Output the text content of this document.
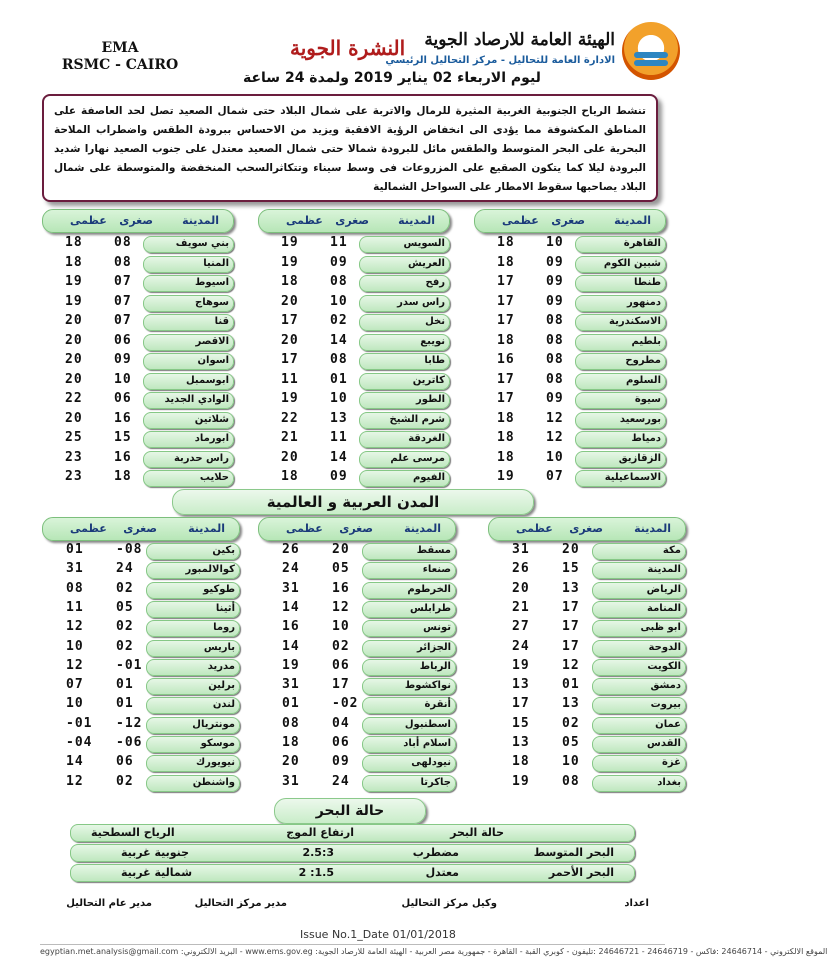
الهيئة العامة للارصاد الجوية
الادارة العامة للتحاليل - مركز التحاليل الرئيسي
النشرة الجوية
ليوم الاربعاء 02 يناير 2019 ولمدة 24 ساعة
EMA
RSMC - CAIRO

تنشط الرياح الجنوبية الغربية المثيرة للرمال والاتربة على شمال البلاد حتى شمال الصعيد تصل لحد العاصفة على المناطق المكشوفة مما يؤدى الى انخفاض الرؤية الافقية ويزيد من الاحساس ببرودة الطقس واضطراب الملاحة البحرية على البحر المتوسط والطقس مائل للبرودة شمالا حتى شمال الصعيد معتدل على جنوب الصعيد نهارا شديد البرودة ليلا كما يتكون الصقيع على المزروعات فى وسط سيناء وتتكاثرالسحب المنخفضة والمتوسطة على شمال البلاد يصاحبها سقوط الامطار على السواحل الشمالية

المدينة
صغرى
عظمى
القاهرة
10
18
شبين الكوم
09
18
طنطا
09
17
دمنهور
09
17
الاسكندرية
08
17
بلطيم
08
18
مطروح
08
16
السلوم
08
17
سيوة
09
17
بورسعيد
12
18
دمياط
12
18
الزقازيق
10
18
الاسماعيلية
07
19
المدينة
صغرى
عظمى
السويس
11
19
العريش
09
19
رفح
08
18
راس سدر
10
20
نخل
02
17
نويبع
14
20
طابا
08
17
كاترين
01
11
الطور
10
19
شرم الشيخ
13
22
الغردقة
11
21
مرسى علم
14
20
الفيوم
09
18
المدينة
صغرى
عظمى
بني سويف
08
18
المنيا
08
18
اسيوط
07
19
سوهاج
07
19
قنا
07
20
الاقصر
06
20
اسوان
09
20
ابوسمبل
10
20
الوادي الجديد
06
22
شلاتين
16
20
ابورماد
15
25
راس حدربة
16
23
حلايب
18
23
المدن العربية و العالمية
المدينة
صغرى
عظمى
مكة
20
31
المدينة
15
26
الرياض
13
20
المنامة
17
21
ابو ظبى
17
27
الدوحة
17
24
الكويت
12
19
دمشق
01
13
بيروت
13
17
عمان
02
15
القدس
05
13
غزة
10
18
بغداد
08
19
المدينة
صغرى
عظمى
مسقط
20
26
صنعاء
05
24
الخرطوم
16
31
طرابلس
12
14
تونس
10
16
الجزائر
02
14
الرباط
06
19
نواكشوط
17
31
أنقرة
-02
01
اسطنبول
04
08
اسلام أباد
06
18
نيودلهى
09
20
جاكرتا
24
31
المدينة
صغرى
عظمى
بكين
-08
01
كوالالمبور
24
31
طوكيو
02
08
أثينا
05
11
روما
02
12
باريس
02
10
مدريد
-01
12
برلين
01
07
لندن
01
10
مونتريال
-12
-01
موسكو
-06
-04
نيويورك
06
14
واشنطن
02
12
حالة البحر
حالة البحر
ارتفاع الموج
الرياح السطحية
البحر المتوسط
مضطرب
2.5:3
جنوبية غربية
البحر الأحمر
معتدل
1.5: 2
شمالية غربية
اعداد
وكيل مركز التحاليل
مدير مركز التحاليل
مدير عام التحاليل
Issue No.1_Date 01/01/2018
egyptian.met.analysis@gmail.com :البريد الالكتروني - www.ems.gov.eg :الموقع الالكتروني - 24646714 :فاكس - 24646719 - 24646721 :تليفون - كوبري القبة - القاهرة - جمهورية مصر العربية - الهيئة العامة للارصاد الجوية
